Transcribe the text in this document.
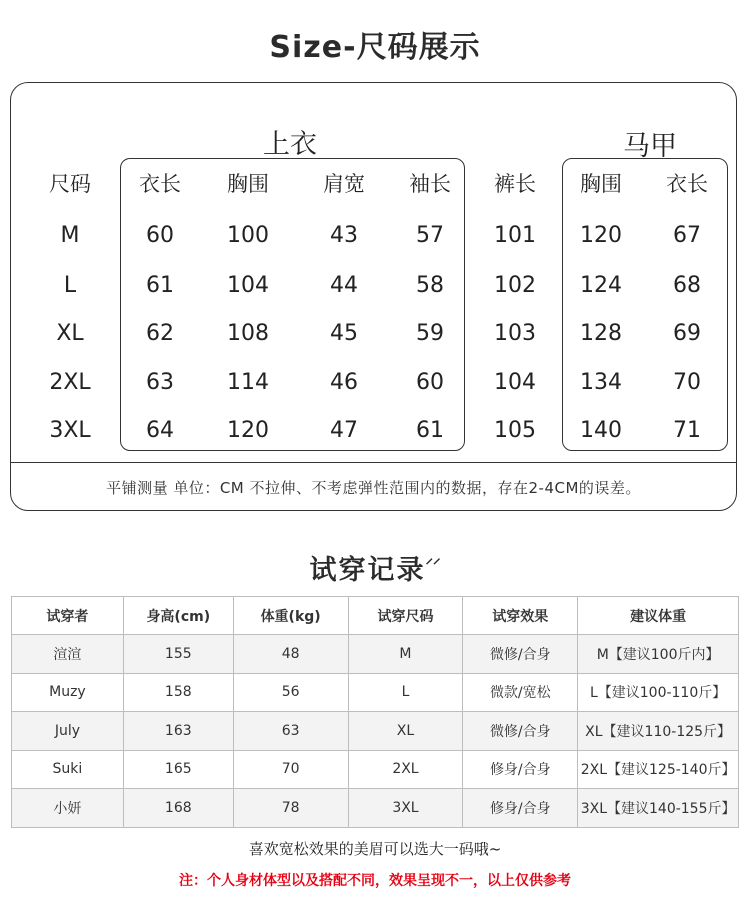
Size-尺码展示
上衣	马甲
尺码	衣长	胸围	肩宽	袖长	裤长	胸围	衣长
M	60	100	43	57	101	120	67
L	61	104	44	58	102	124	68
XL	62	108	45	59	103	128	69
2XL	63	114	46	60	104	134	70
3XL	64	120	47	61	105	140	71
平铺测量 单位：CM 不拉伸、不考虑弹性范围内的数据，存在2-4CM的误差。
试穿记录⸝⸝
试穿者	身高(cm)	体重(kg)	试穿尺码	试穿效果	建议体重
渲渲	155	48	M	微修/合身	M【建议100斤内】
Muzy	158	56	L	微款/宽松	L【建议100-110斤】
July	163	63	XL	微修/合身	XL【建议110-125斤】
Suki	165	70	2XL	修身/合身	2XL【建议125-140斤】
小妍	168	78	3XL	修身/合身	3XL【建议140-155斤】
喜欢宽松效果的美眉可以选大一码哦~
注：个人身材体型以及搭配不同，效果呈现不一，以上仅供参考
